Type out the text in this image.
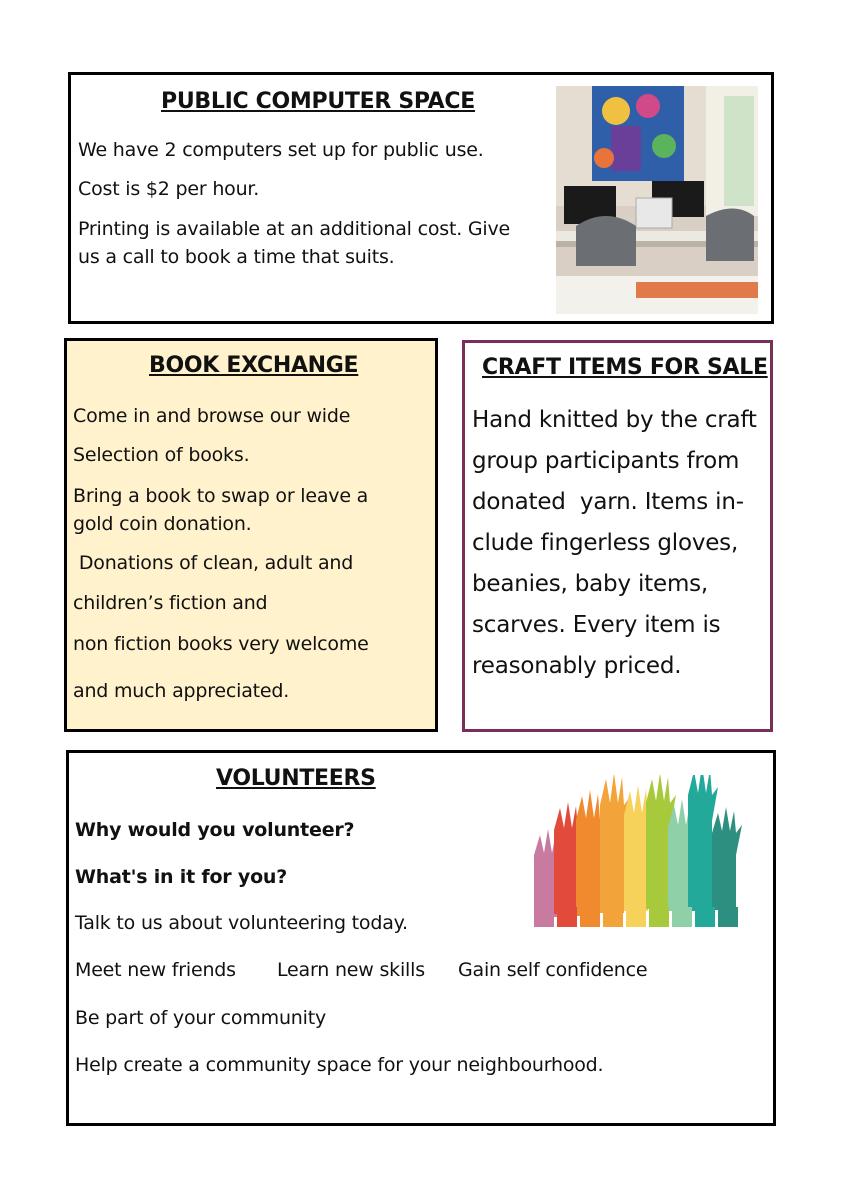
PUBLIC COMPUTER SPACE
We have 2 computers set up for public use.
Cost is $2 per hour.
Printing is available at an additional cost. Give
us a call to book a time that suits.
BOOK EXCHANGE
Come in and browse our wide
Selection of books.
Bring a book to swap or leave a
gold coin donation.
Donations of clean, adult and
children’s fiction and
non fiction books very welcome
and much appreciated.
CRAFT ITEMS FOR SALE
Hand knitted by the craft
group participants from
donated  yarn. Items in-
clude fingerless gloves,
beanies, baby items,
scarves. Every item is
reasonably priced.
VOLUNTEERS
Why would you volunteer?
What's in it for you?
Talk to us about volunteering today.
Meet new friends Learn new skills Gain self confidence
Be part of your community
Help create a community space for your neighbourhood.
